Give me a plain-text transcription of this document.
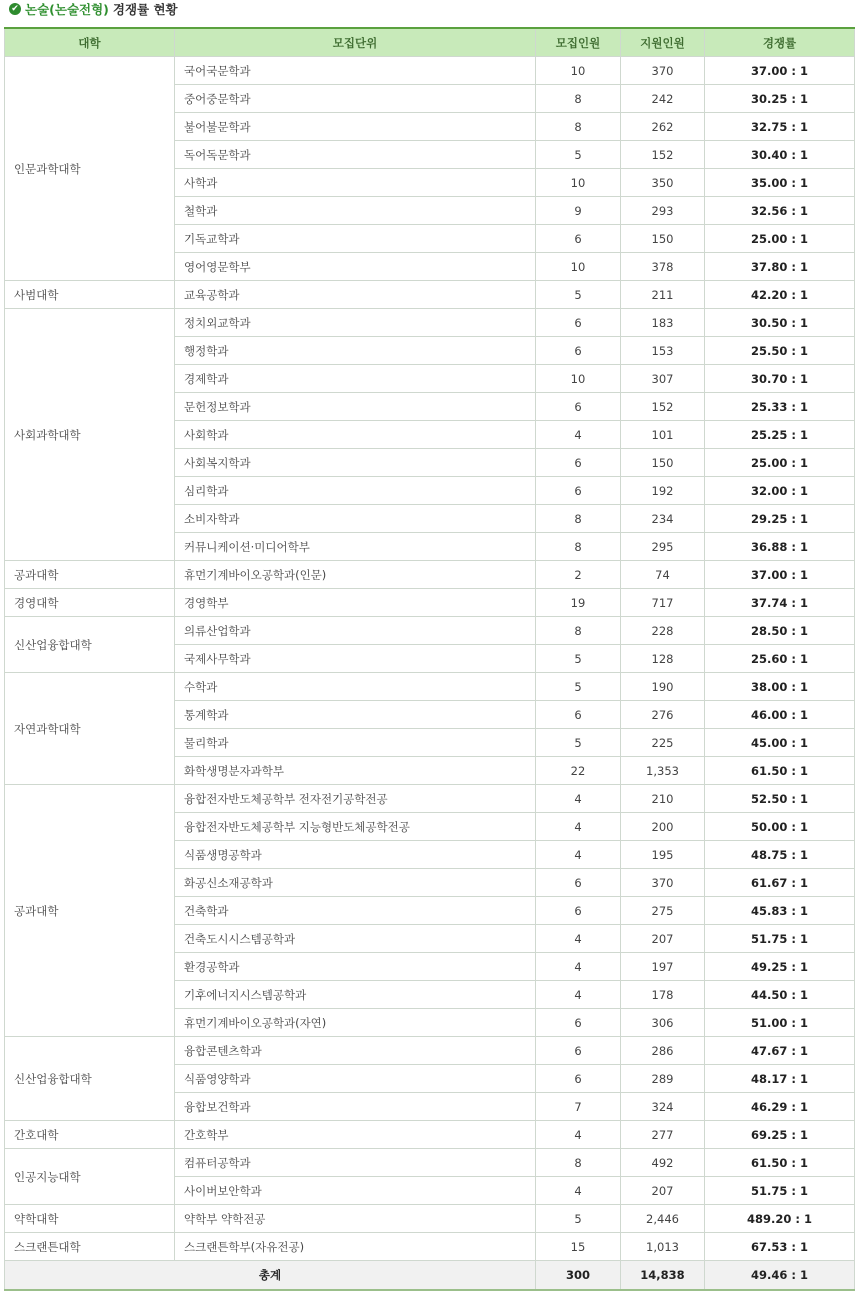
✔ 논술(논술전형) 경쟁률 현황
대학	모집단위	모집인원	지원인원	경쟁률
인문과학대학	국어국문학과	10	370	37.00 : 1
	중어중문학과	8	242	30.25 : 1
	불어불문학과	8	262	32.75 : 1
	독어독문학과	5	152	30.40 : 1
	사학과	10	350	35.00 : 1
	철학과	9	293	32.56 : 1
	기독교학과	6	150	25.00 : 1
	영어영문학부	10	378	37.80 : 1
사범대학	교육공학과	5	211	42.20 : 1
사회과학대학	정치외교학과	6	183	30.50 : 1
	행정학과	6	153	25.50 : 1
	경제학과	10	307	30.70 : 1
	문헌정보학과	6	152	25.33 : 1
	사회학과	4	101	25.25 : 1
	사회복지학과	6	150	25.00 : 1
	심리학과	6	192	32.00 : 1
	소비자학과	8	234	29.25 : 1
	커뮤니케이션·미디어학부	8	295	36.88 : 1
공과대학	휴먼기계바이오공학과(인문)	2	74	37.00 : 1
경영대학	경영학부	19	717	37.74 : 1
신산업융합대학	의류산업학과	8	228	28.50 : 1
	국제사무학과	5	128	25.60 : 1
자연과학대학	수학과	5	190	38.00 : 1
	통계학과	6	276	46.00 : 1
	물리학과	5	225	45.00 : 1
	화학생명분자과학부	22	1,353	61.50 : 1
공과대학	융합전자반도체공학부 전자전기공학전공	4	210	52.50 : 1
	융합전자반도체공학부 지능형반도체공학전공	4	200	50.00 : 1
	식품생명공학과	4	195	48.75 : 1
	화공신소재공학과	6	370	61.67 : 1
	건축학과	6	275	45.83 : 1
	건축도시시스템공학과	4	207	51.75 : 1
	환경공학과	4	197	49.25 : 1
	기후에너지시스템공학과	4	178	44.50 : 1
	휴먼기계바이오공학과(자연)	6	306	51.00 : 1
신산업융합대학	융합콘텐츠학과	6	286	47.67 : 1
	식품영양학과	6	289	48.17 : 1
	융합보건학과	7	324	46.29 : 1
간호대학	간호학부	4	277	69.25 : 1
인공지능대학	컴퓨터공학과	8	492	61.50 : 1
	사이버보안학과	4	207	51.75 : 1
약학대학	약학부 약학전공	5	2,446	489.20 : 1
스크랜튼대학	스크랜튼학부(자유전공)	15	1,013	67.53 : 1
총계		300	14,838	49.46 : 1
